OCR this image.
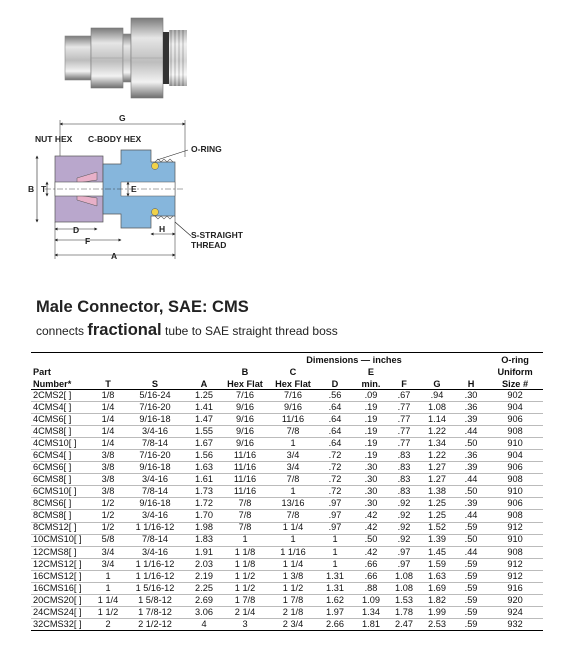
G
NUT HEX C-BODY HEX
O-RING
B T	E
D
F
A
H
S-STRAIGHT
THREAD
Male Connector, SAE: CMS
connects fractional tube to SAE straight thread boss
				Dimensions — inches							O-ring
Part				B	C		E				Uniform
Number*	T	S	A	Hex Flat	Hex Flat	D	min.	F	G	H	Size #
2CMS2[ ]	1/8	5/16-24	1.25	7/16	7/16	.56	.09	.67	.94	.30	902
4CMS4[ ]	1/4	7/16-20	1.41	9/16	9/16	.64	.19	.77	1.08	.36	904
4CMS6[ ]	1/4	9/16-18	1.47	9/16	11/16	.64	.19	.77	1.14	.39	906
4CMS8[ ]	1/4	3/4-16	1.55	9/16	7/8	.64	.19	.77	1.22	.44	908
4CMS10[ ]	1/4	7/8-14	1.67	9/16	1	.64	.19	.77	1.34	.50	910
6CMS4[ ]	3/8	7/16-20	1.56	11/16	3/4	.72	.19	.83	1.22	.36	904
6CMS6[ ]	3/8	9/16-18	1.63	11/16	3/4	.72	.30	.83	1.27	.39	906
6CMS8[ ]	3/8	3/4-16	1.61	11/16	7/8	.72	.30	.83	1.27	.44	908
6CMS10[ ]	3/8	7/8-14	1.73	11/16	1	.72	.30	.83	1.38	.50	910
8CMS6[ ]	1/2	9/16-18	1.72	7/8	13/16	.97	.30	.92	1.25	.39	906
8CMS8[ ]	1/2	3/4-16	1.70	7/8	7/8	.97	.42	.92	1.25	.44	908
8CMS12[ ]	1/2	1 1/16-12	1.98	7/8	1 1/4	.97	.42	.92	1.52	.59	912
10CMS10[ ]	5/8	7/8-14	1.83	1	1	1	.50	.92	1.39	.50	910
12CMS8[ ]	3/4	3/4-16	1.91	1 1/8	1 1/16	1	.42	.97	1.45	.44	908
12CMS12[ ]	3/4	1 1/16-12	2.03	1 1/8	1 1/4	1	.66	.97	1.59	.59	912
16CMS12[ ]	1	1 1/16-12	2.19	1 1/2	1 3/8	1.31	.66	1.08	1.63	.59	912
16CMS16[ ]	1	1 5/16-12	2.25	1 1/2	1 1/2	1.31	.88	1.08	1.69	.59	916
20CMS20[ ]	1 1/4	1 5/8-12	2.69	1 7/8	1 7/8	1.62	1.09	1.53	1.82	.59	920
24CMS24[ ]	1 1/2	1 7/8-12	3.06	2 1/4	2 1/8	1.97	1.34	1.78	1.99	.59	924
32CMS32[ ]	2	2 1/2-12	4	3	2 3/4	2.66	1.81	2.47	2.53	.59	932
